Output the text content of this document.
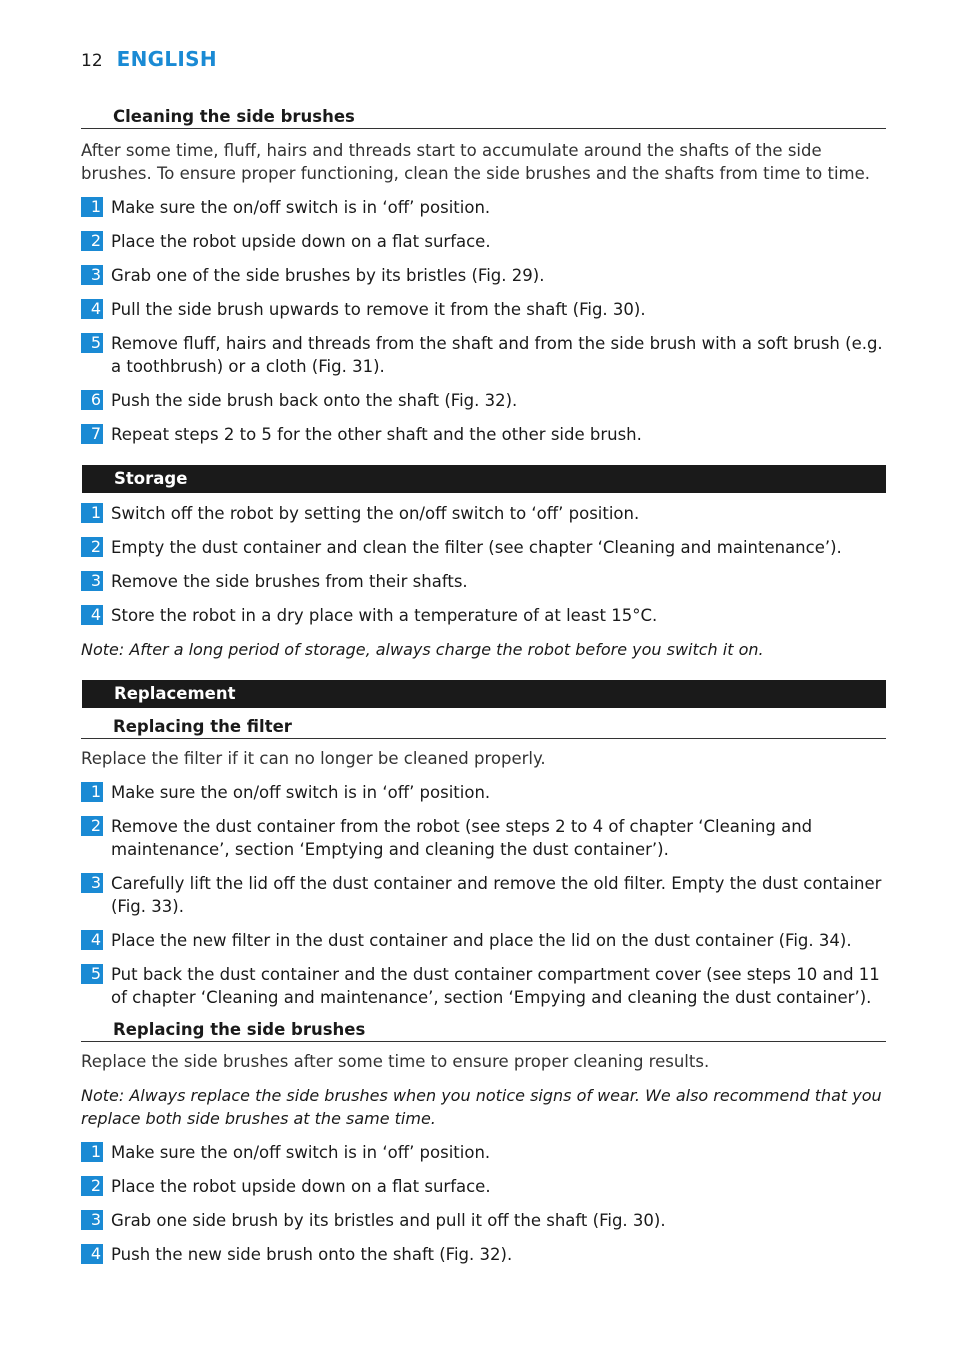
12 ENGLISH
Cleaning the side brushes
After some time, fluff, hairs and threads start to accumulate around the shafts of the side brushes. To ensure proper functioning, clean the side brushes and the shafts from time to time.
1 Make sure the on/off switch is in ‘off’ position.
2 Place the robot upside down on a flat surface.
3 Grab one of the side brushes by its bristles (Fig. 29).
4 Pull the side brush upwards to remove it from the shaft (Fig. 30).
5 Remove fluff, hairs and threads from the shaft and from the side brush with a soft brush (e.g. a toothbrush) or a cloth (Fig. 31).
6 Push the side brush back onto the shaft (Fig. 32).
7 Repeat steps 2 to 5 for the other shaft and the other side brush.
Storage
1 Switch off the robot by setting the on/off switch to ‘off’ position.
2 Empty the dust container and clean the filter (see chapter ‘Cleaning and maintenance’).
3 Remove the side brushes from their shafts.
4 Store the robot in a dry place with a temperature of at least 15°C.
Note: After a long period of storage, always charge the robot before you switch it on.
Replacement
Replacing the filter
Replace the filter if it can no longer be cleaned properly.
1 Make sure the on/off switch is in ‘off’ position.
2 Remove the dust container from the robot (see steps 2 to 4 of chapter ‘Cleaning and maintenance’, section ‘Emptying and cleaning the dust container’).
3 Carefully lift the lid off the dust container and remove the old filter. Empty the dust container (Fig. 33).
4 Place the new filter in the dust container and place the lid on the dust container (Fig. 34).
5 Put back the dust container and the dust container compartment cover (see steps 10 and 11 of chapter ‘Cleaning and maintenance’, section ‘Empying and cleaning the dust container’).
Replacing the side brushes
Replace the side brushes after some time to ensure proper cleaning results.
Note: Always replace the side brushes when you notice signs of wear. We also recommend that you replace both side brushes at the same time.
1 Make sure the on/off switch is in ‘off’ position.
2 Place the robot upside down on a flat surface.
3 Grab one side brush by its bristles and pull it off the shaft (Fig. 30).
4 Push the new side brush onto the shaft (Fig. 32).
